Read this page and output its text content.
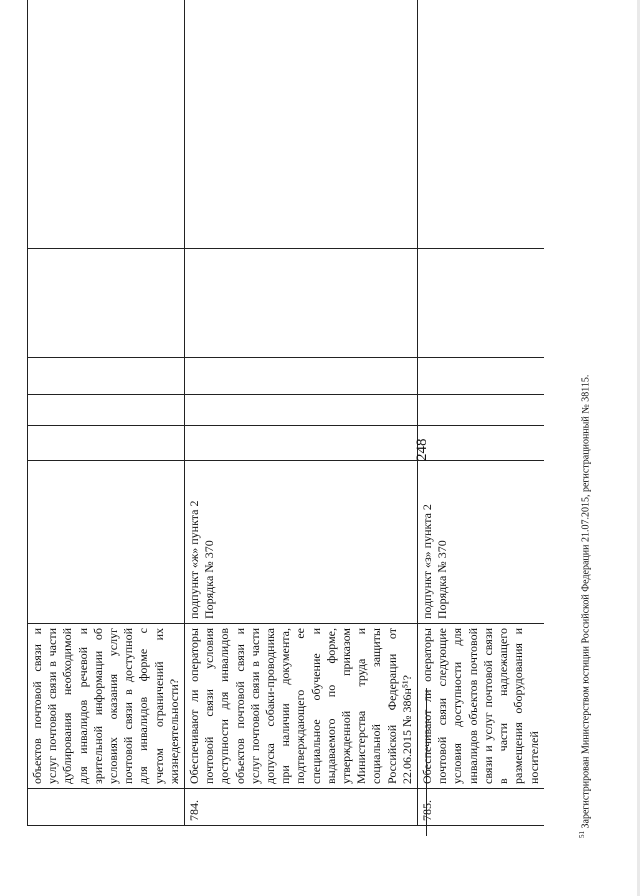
	объектов почтовой связи и услуг почтовой связи в части дублирования необходимой для инвалидов речевой и зрительной информации об условиях оказания услуг почтовой связи в доступной для инвалидов форме с учетом ограничений их жизнедеятельности?						
784.	Обеспечивают ли операторы почтовой связи условия доступности для инвалидов объектов почтовой связи и услуг почтовой связи в части допуска собаки-проводника при наличии документа, подтверждающего ее специальное обучение и выдаваемого по форме, утвержденной приказом Министерства труда и социальной защиты Российской Федерации от 22.06.2015 № 386н⁵¹?	подпункт «ж» пункта 2 Порядка № 370					
785.	Обеспечивают ли операторы почтовой связи следующие условия доступности для инвалидов объектов почтовой связи и услуг почтовой связи в части надлежащего размещения оборудования и носителей	подпункт «з» пункта 2 Порядка № 370					
248
$^{51}$ Зарегистрирован Министерством юстиции Российской Федерации 21.07.2015, регистрационный № 38115.
